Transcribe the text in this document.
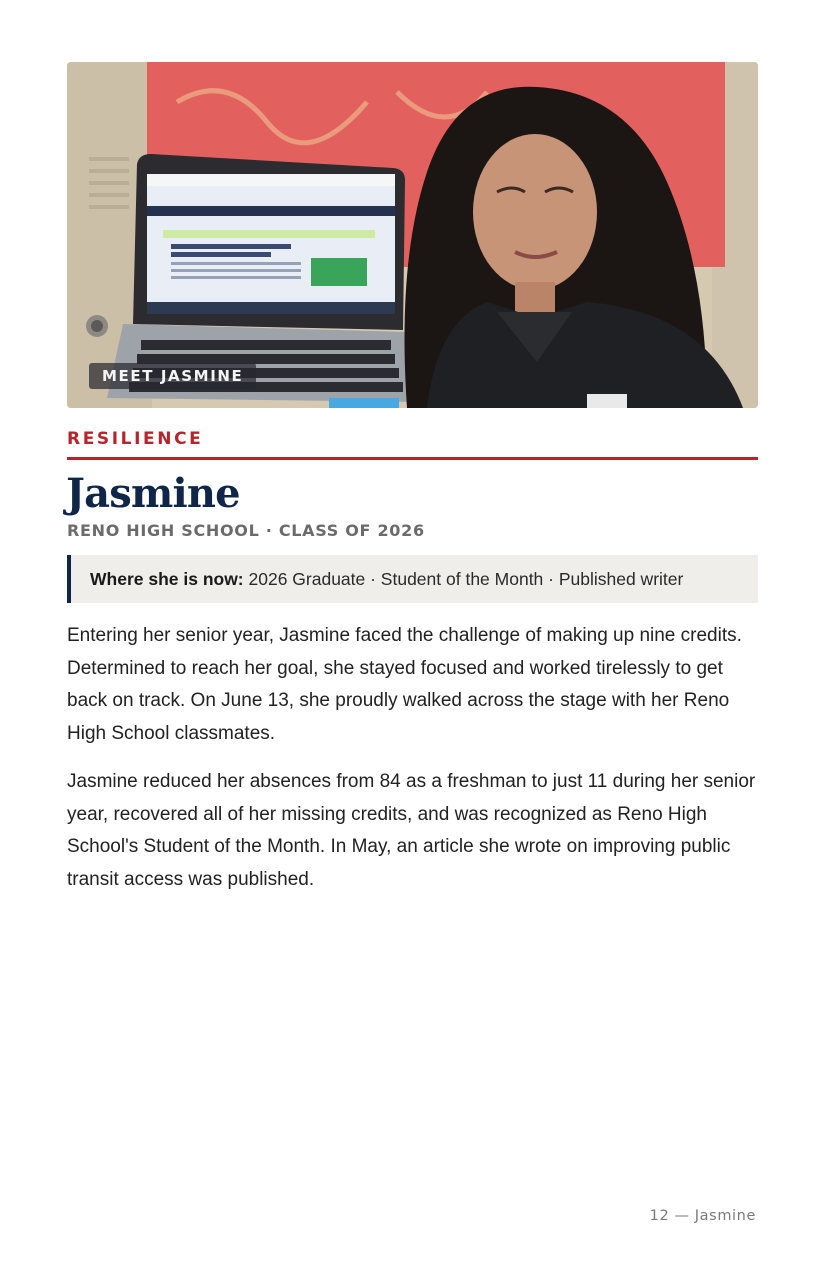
MEET JASMINE
RESILIENCE
Jasmine
RENO HIGH SCHOOL · CLASS OF 2026
Where she is now: 2026 Graduate · Student of the Month · Published writer

Entering her senior year, Jasmine faced the challenge of making up nine credits. Determined to reach her goal, she stayed focused and worked tirelessly to get back on track. On June 13, she proudly walked across the stage with her Reno High School classmates.

Jasmine reduced her absences from 84 as a freshman to just 11 during her senior year, recovered all of her missing credits, and was recognized as Reno High School's Student of the Month. In May, an article she wrote on improving public transit access was published.

12 — Jasmine
